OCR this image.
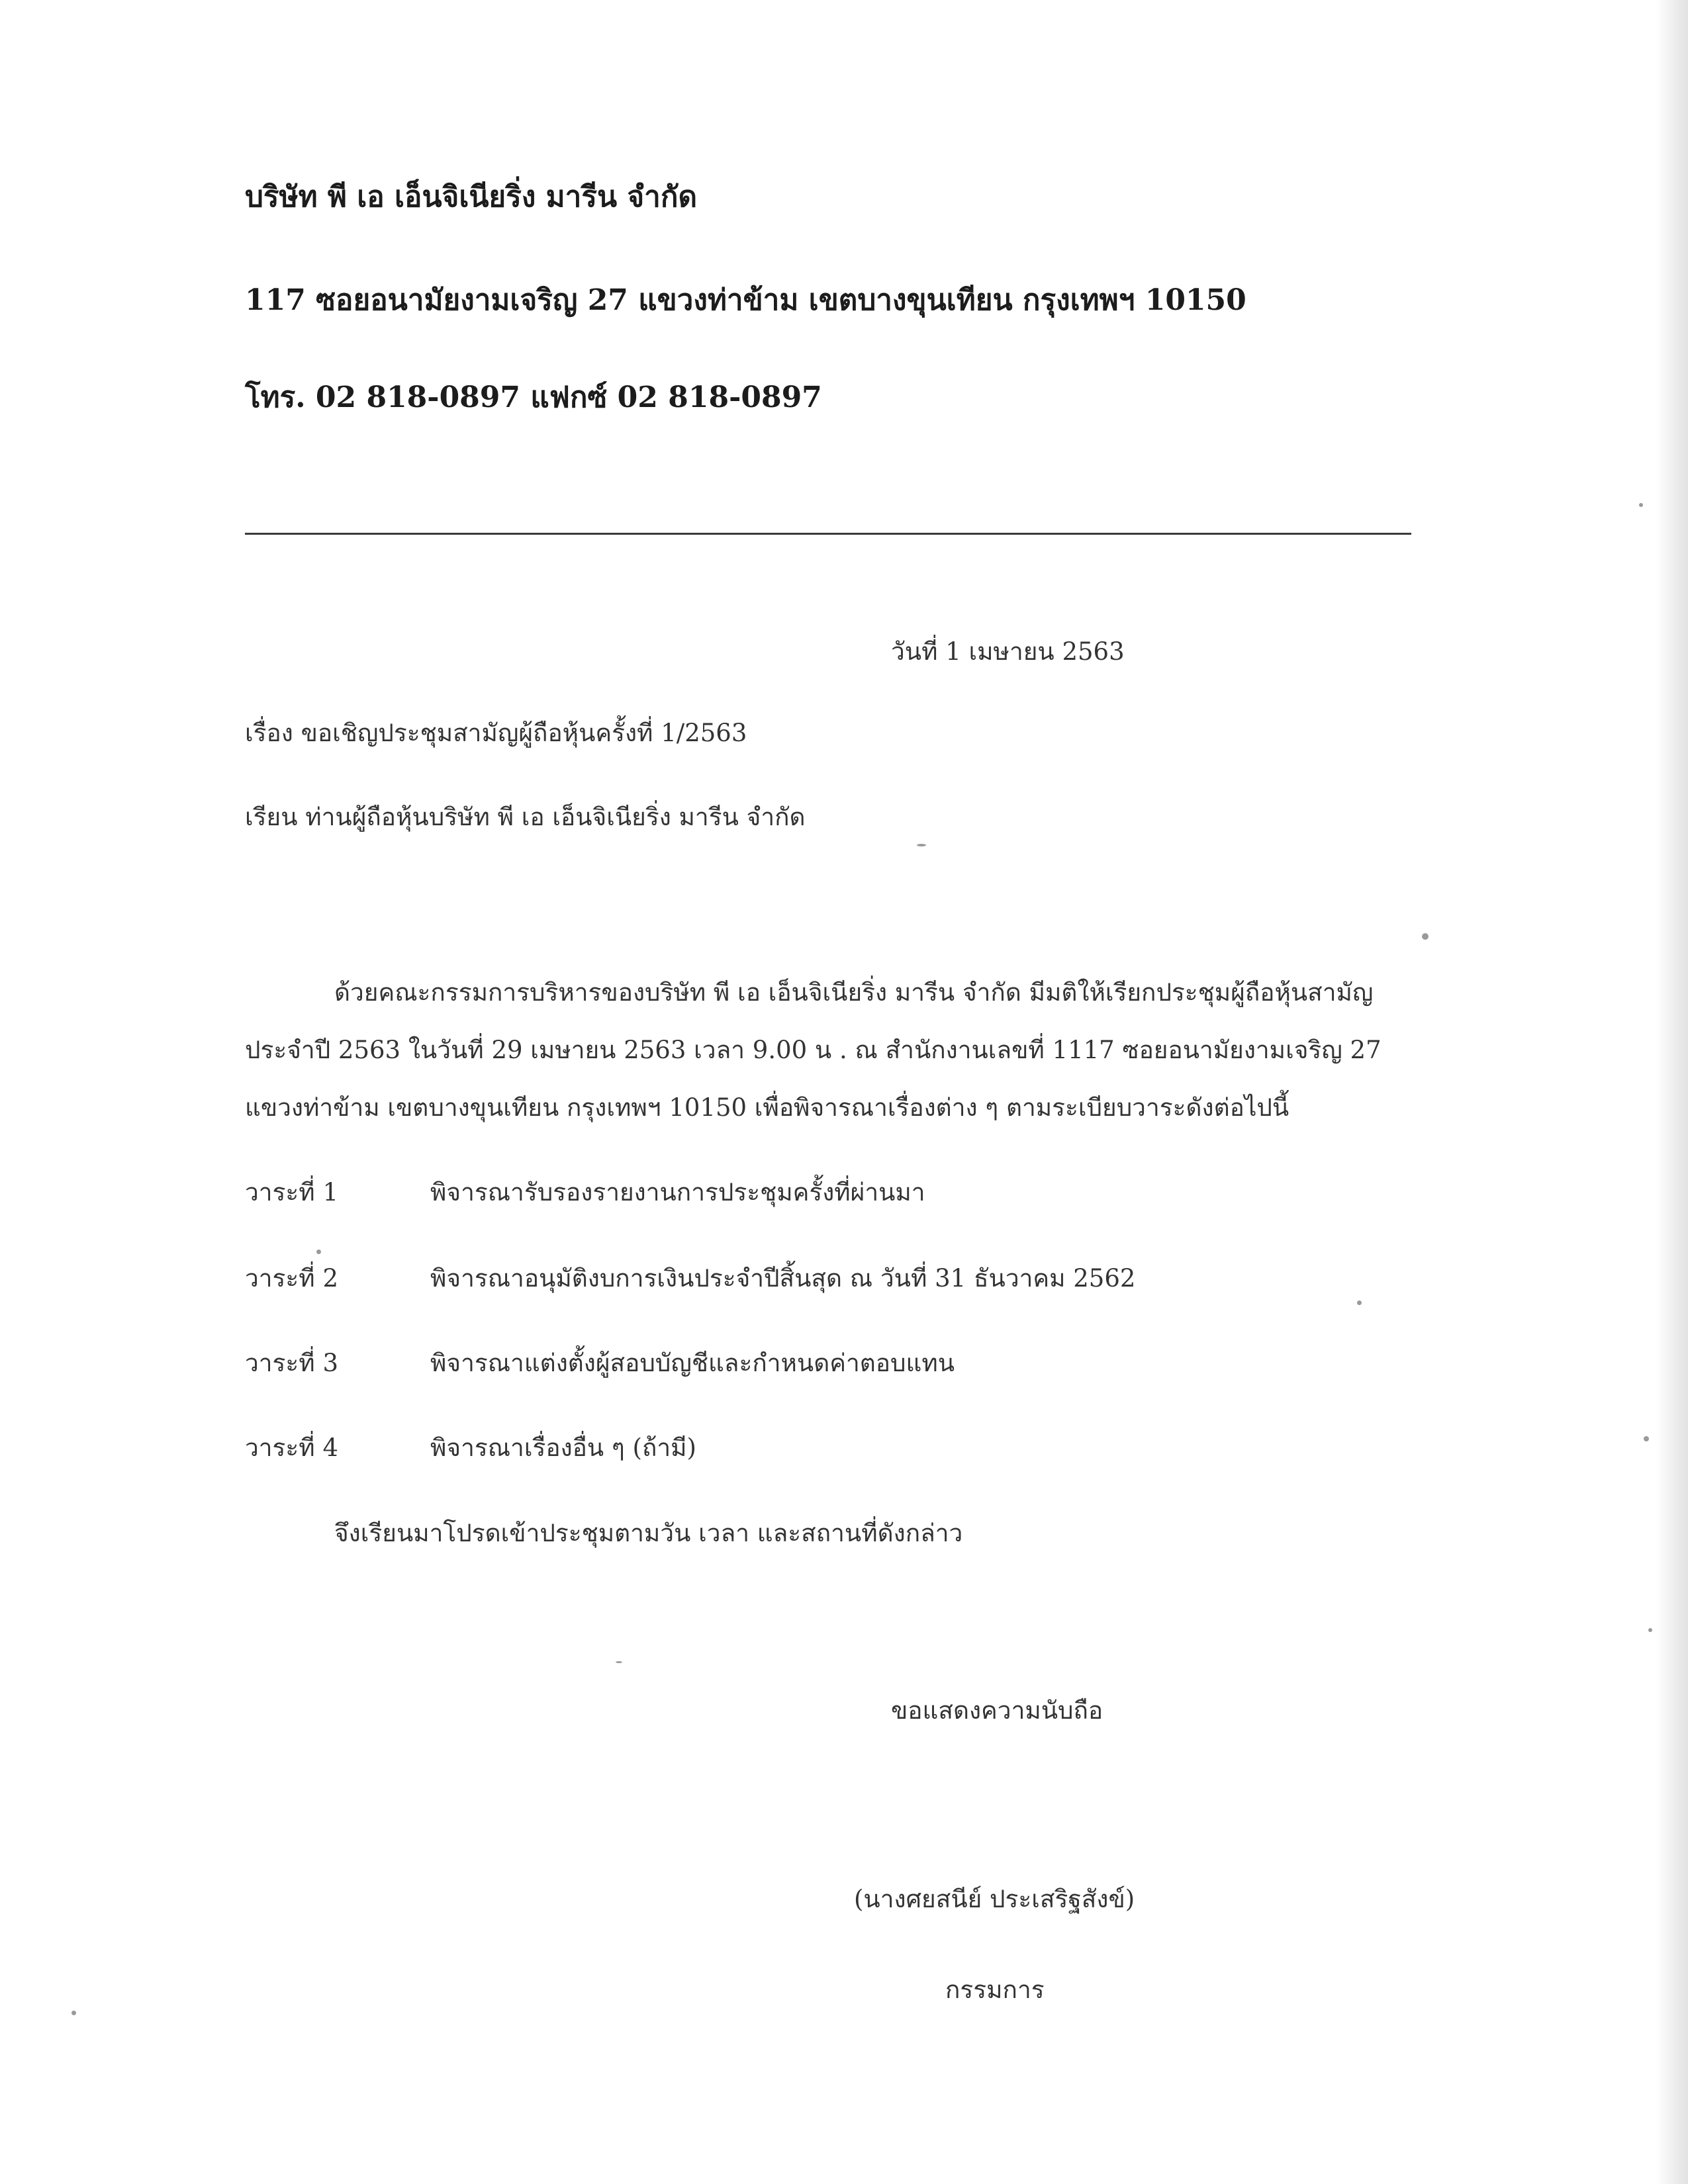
บริษัท พี เอ เอ็นจิเนียริ่ง มารีน จำกัด
117 ซอยอนามัยงามเจริญ 27 แขวงท่าข้าม เขตบางขุนเทียน กรุงเทพฯ 10150
โทร. 02 818-0897 แฟกซ์ 02 818-0897
วันที่ 1 เมษายน 2563
เรื่อง ขอเชิญประชุมสามัญผู้ถือหุ้นครั้งที่ 1/2563
เรียน ท่านผู้ถือหุ้นบริษัท พี เอ เอ็นจิเนียริ่ง มารีน จำกัด
ด้วยคณะกรรมการบริหารของบริษัท พี เอ เอ็นจิเนียริ่ง มารีน จำกัด มีมติให้เรียกประชุมผู้ถือหุ้นสามัญ
ประจำปี 2563 ในวันที่ 29 เมษายน 2563 เวลา 9.00 น . ณ สำนักงานเลขที่ 1117 ซอยอนามัยงามเจริญ 27
แขวงท่าข้าม เขตบางขุนเทียน กรุงเทพฯ 10150 เพื่อพิจารณาเรื่องต่าง ๆ ตามระเบียบวาระดังต่อไปนี้
วาระที่ 1	พิจารณารับรองรายงานการประชุมครั้งที่ผ่านมา
วาระที่ 2	พิจารณาอนุมัติงบการเงินประจำปีสิ้นสุด ณ วันที่ 31 ธันวาคม 2562
วาระที่ 3	พิจารณาแต่งตั้งผู้สอบบัญชีและกำหนดค่าตอบแทน
วาระที่ 4	พิจารณาเรื่องอื่น ๆ (ถ้ามี)
จึงเรียนมาโปรดเข้าประชุมตามวัน เวลา และสถานที่ดังกล่าว
ขอแสดงความนับถือ
(นางศยสนีย์ ประเสริฐสังข์)
กรรมการ
